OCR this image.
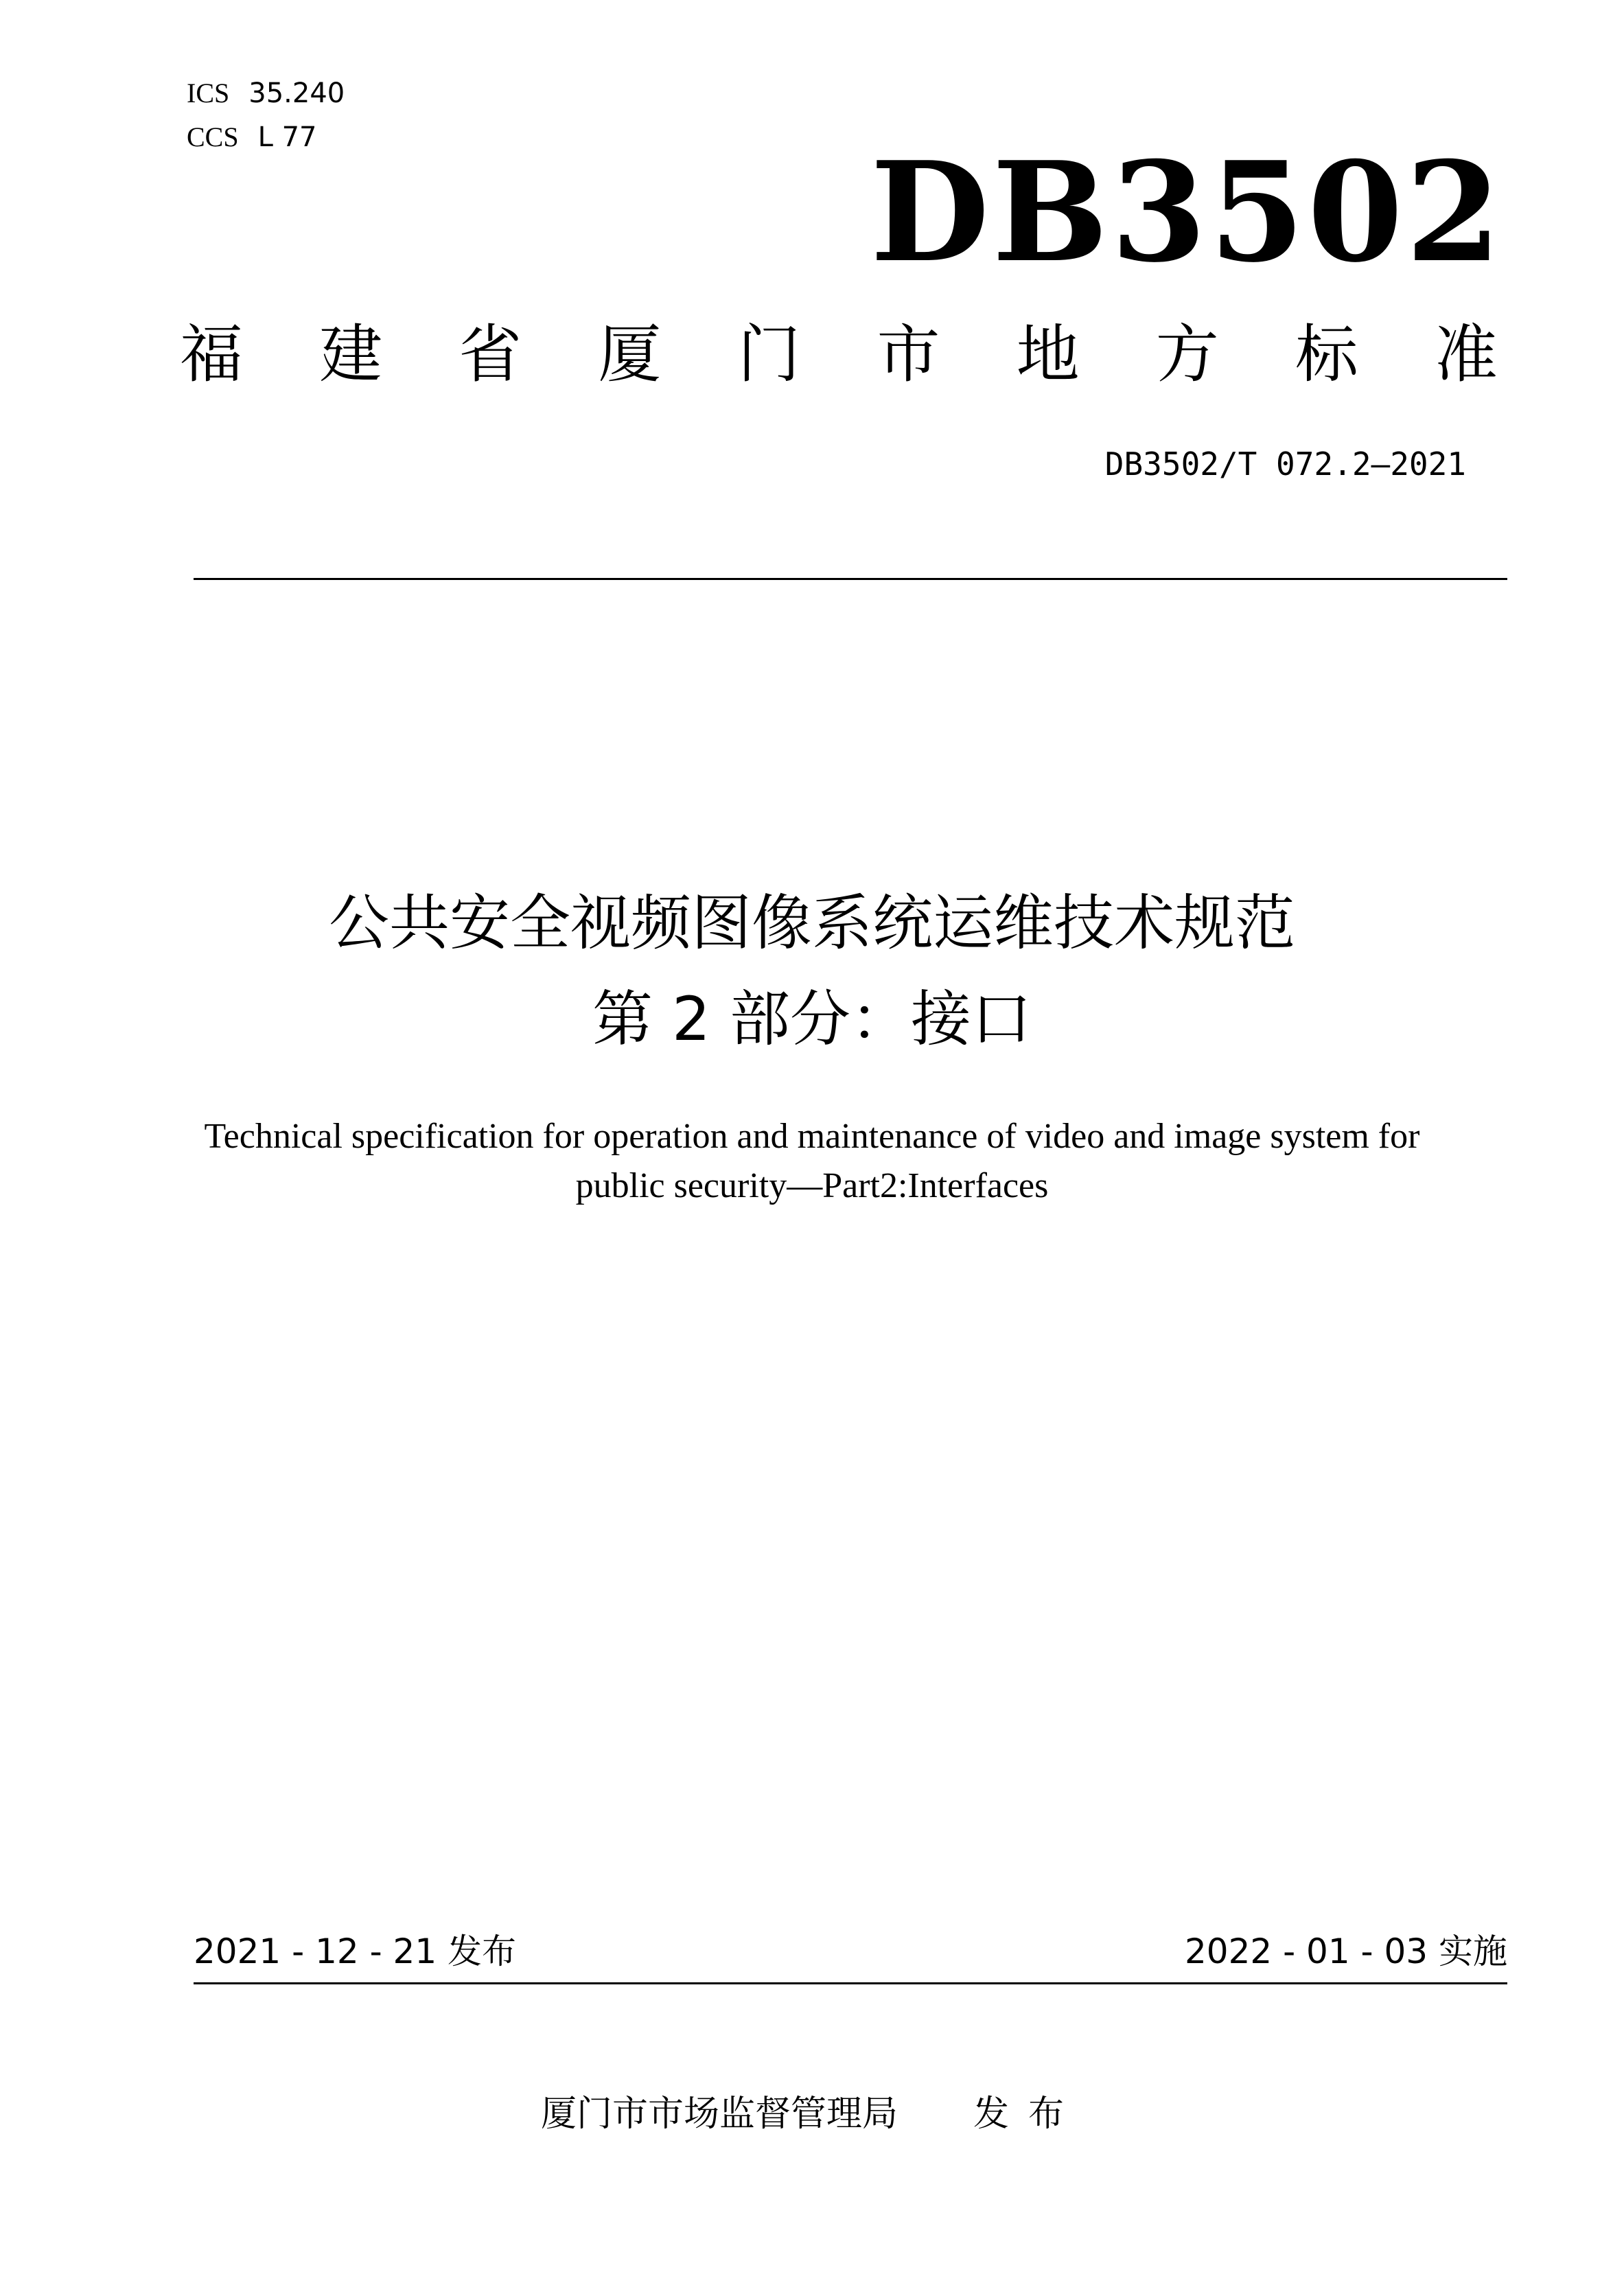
ICS 35.240
CCS L 77	DB3502
福 建 省 厦 门 市 地 方 标 准
DB3502/T 072.2—2021
公共安全视频图像系统运维技术规范
第 2 部分：接口
Technical specification for operation and maintenance of video and image system for
public security—Part2:Interfaces
2021 - 12 - 21 发布	2022 - 01 - 03 实施
厦门市市场监督管理局 发布
